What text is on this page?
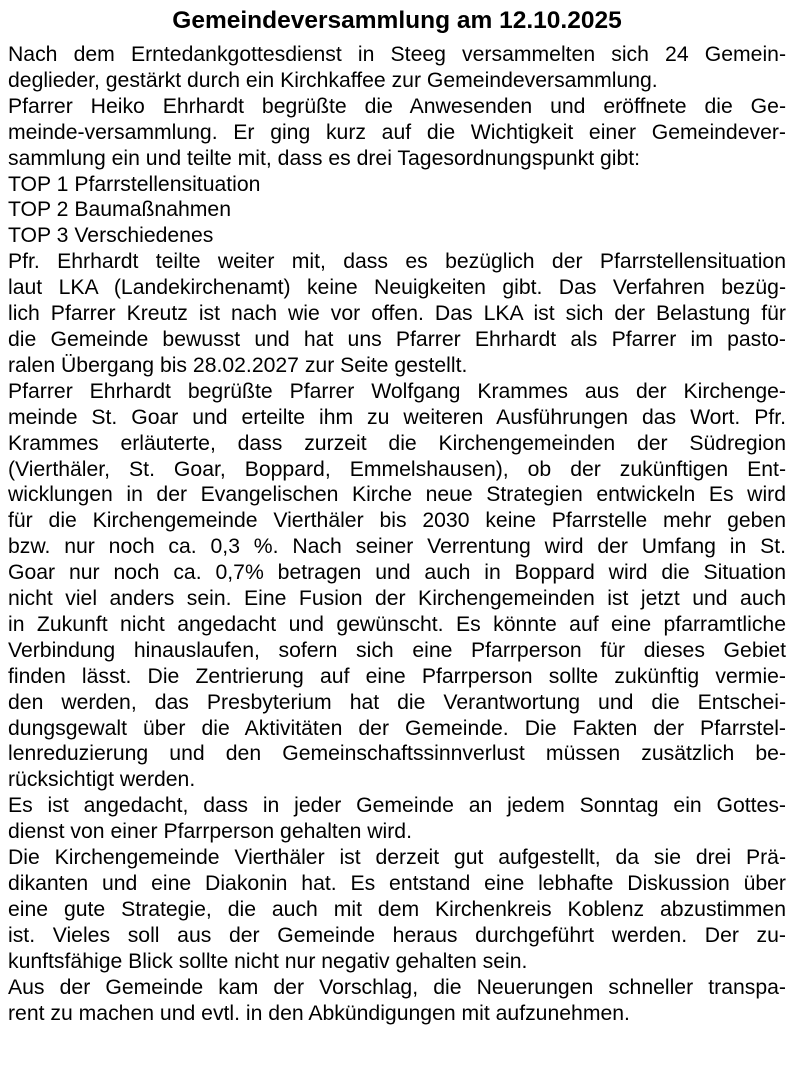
Gemeindeversammlung am 12.10.2025
Nach dem Erntedankgottesdienst in Steeg versammelten sich 24 Gemein-
deglieder, gestärkt durch ein Kirchkaffee zur Gemeindeversammlung.
Pfarrer Heiko Ehrhardt begrüßte die Anwesenden und eröffnete die Ge-
meinde-versammlung. Er ging kurz auf die Wichtigkeit einer Gemeindever-
sammlung ein und teilte mit, dass es drei Tagesordnungspunkt gibt:
TOP 1 Pfarrstellensituation
TOP 2 Baumaßnahmen
TOP 3 Verschiedenes
Pfr. Ehrhardt teilte weiter mit, dass es bezüglich der Pfarrstellensituation
laut LKA (Landekirchenamt) keine Neuigkeiten gibt. Das Verfahren bezüg-
lich Pfarrer Kreutz ist nach wie vor offen. Das LKA ist sich der Belastung für
die Gemeinde bewusst und hat uns Pfarrer Ehrhardt als Pfarrer im pasto-
ralen Übergang bis 28.02.2027 zur Seite gestellt.
Pfarrer Ehrhardt begrüßte Pfarrer Wolfgang Krammes aus der Kirchenge-
meinde St. Goar und erteilte ihm zu weiteren Ausführungen das Wort. Pfr.
Krammes erläuterte, dass zurzeit die Kirchengemeinden der Südregion
(Vierthäler, St. Goar, Boppard, Emmelshausen), ob der zukünftigen Ent-
wicklungen in der Evangelischen Kirche neue Strategien entwickeln Es wird
für die Kirchengemeinde Vierthäler bis 2030 keine Pfarrstelle mehr geben
bzw. nur noch ca. 0,3 %. Nach seiner Verrentung wird der Umfang in St.
Goar nur noch ca. 0,7% betragen und auch in Boppard wird die Situation
nicht viel anders sein. Eine Fusion der Kirchengemeinden ist jetzt und auch
in Zukunft nicht angedacht und gewünscht. Es könnte auf eine pfarramtliche
Verbindung hinauslaufen, sofern sich eine Pfarrperson für dieses Gebiet
finden lässt. Die Zentrierung auf eine Pfarrperson sollte zukünftig vermie-
den werden, das Presbyterium hat die Verantwortung und die Entschei-
dungsgewalt über die Aktivitäten der Gemeinde. Die Fakten der Pfarrstel-
lenreduzierung und den Gemeinschaftssinnverlust müssen zusätzlich be-
rücksichtigt werden.
Es ist angedacht, dass in jeder Gemeinde an jedem Sonntag ein Gottes-
dienst von einer Pfarrperson gehalten wird.
Die Kirchengemeinde Vierthäler ist derzeit gut aufgestellt, da sie drei Prä-
dikanten und eine Diakonin hat. Es entstand eine lebhafte Diskussion über
eine gute Strategie, die auch mit dem Kirchenkreis Koblenz abzustimmen
ist. Vieles soll aus der Gemeinde heraus durchgeführt werden. Der zu-
kunftsfähige Blick sollte nicht nur negativ gehalten sein.
Aus der Gemeinde kam der Vorschlag, die Neuerungen schneller transpa-
rent zu machen und evtl. in den Abkündigungen mit aufzunehmen.
